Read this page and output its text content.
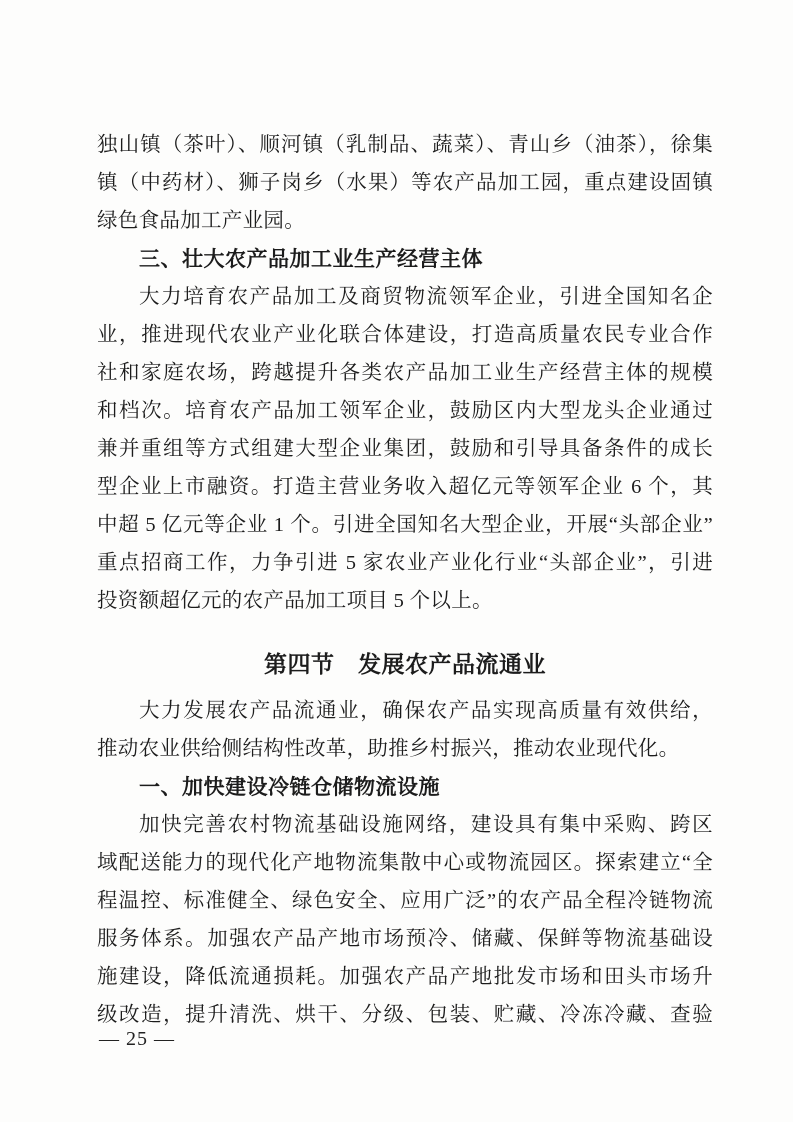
独山镇（茶叶）、顺河镇（乳制品、蔬菜）、青山乡（油茶），徐集
镇（中药材）、狮子岗乡（水果）等农产品加工园，重点建设固镇
绿色食品加工产业园。
三、壮大农产品加工业生产经营主体
大力培育农产品加工及商贸物流领军企业，引进全国知名企
业，推进现代农业产业化联合体建设，打造高质量农民专业合作
社和家庭农场，跨越提升各类农产品加工业生产经营主体的规模
和档次。培育农产品加工领军企业，鼓励区内大型龙头企业通过
兼并重组等方式组建大型企业集团，鼓励和引导具备条件的成长
型企业上市融资。打造主营业务收入超亿元等领军企业 6 个，其
中超 5 亿元等企业 1 个。引进全国知名大型企业，开展“头部企业”
重点招商工作，力争引进 5 家农业产业化行业“头部企业”，引进
投资额超亿元的农产品加工项目 5 个以上。
第四节　发展农产品流通业
大力发展农产品流通业，确保农产品实现高质量有效供给，
推动农业供给侧结构性改革，助推乡村振兴，推动农业现代化。
一、加快建设冷链仓储物流设施
加快完善农村物流基础设施网络，建设具有集中采购、跨区
域配送能力的现代化产地物流集散中心或物流园区。探索建立“全
程温控、标准健全、绿色安全、应用广泛”的农产品全程冷链物流
服务体系。加强农产品产地市场预冷、储藏、保鲜等物流基础设
施建设，降低流通损耗。加强农产品产地批发市场和田头市场升
级改造，提升清洗、烘干、分级、包装、贮藏、冷冻冷藏、查验
— 25 —
